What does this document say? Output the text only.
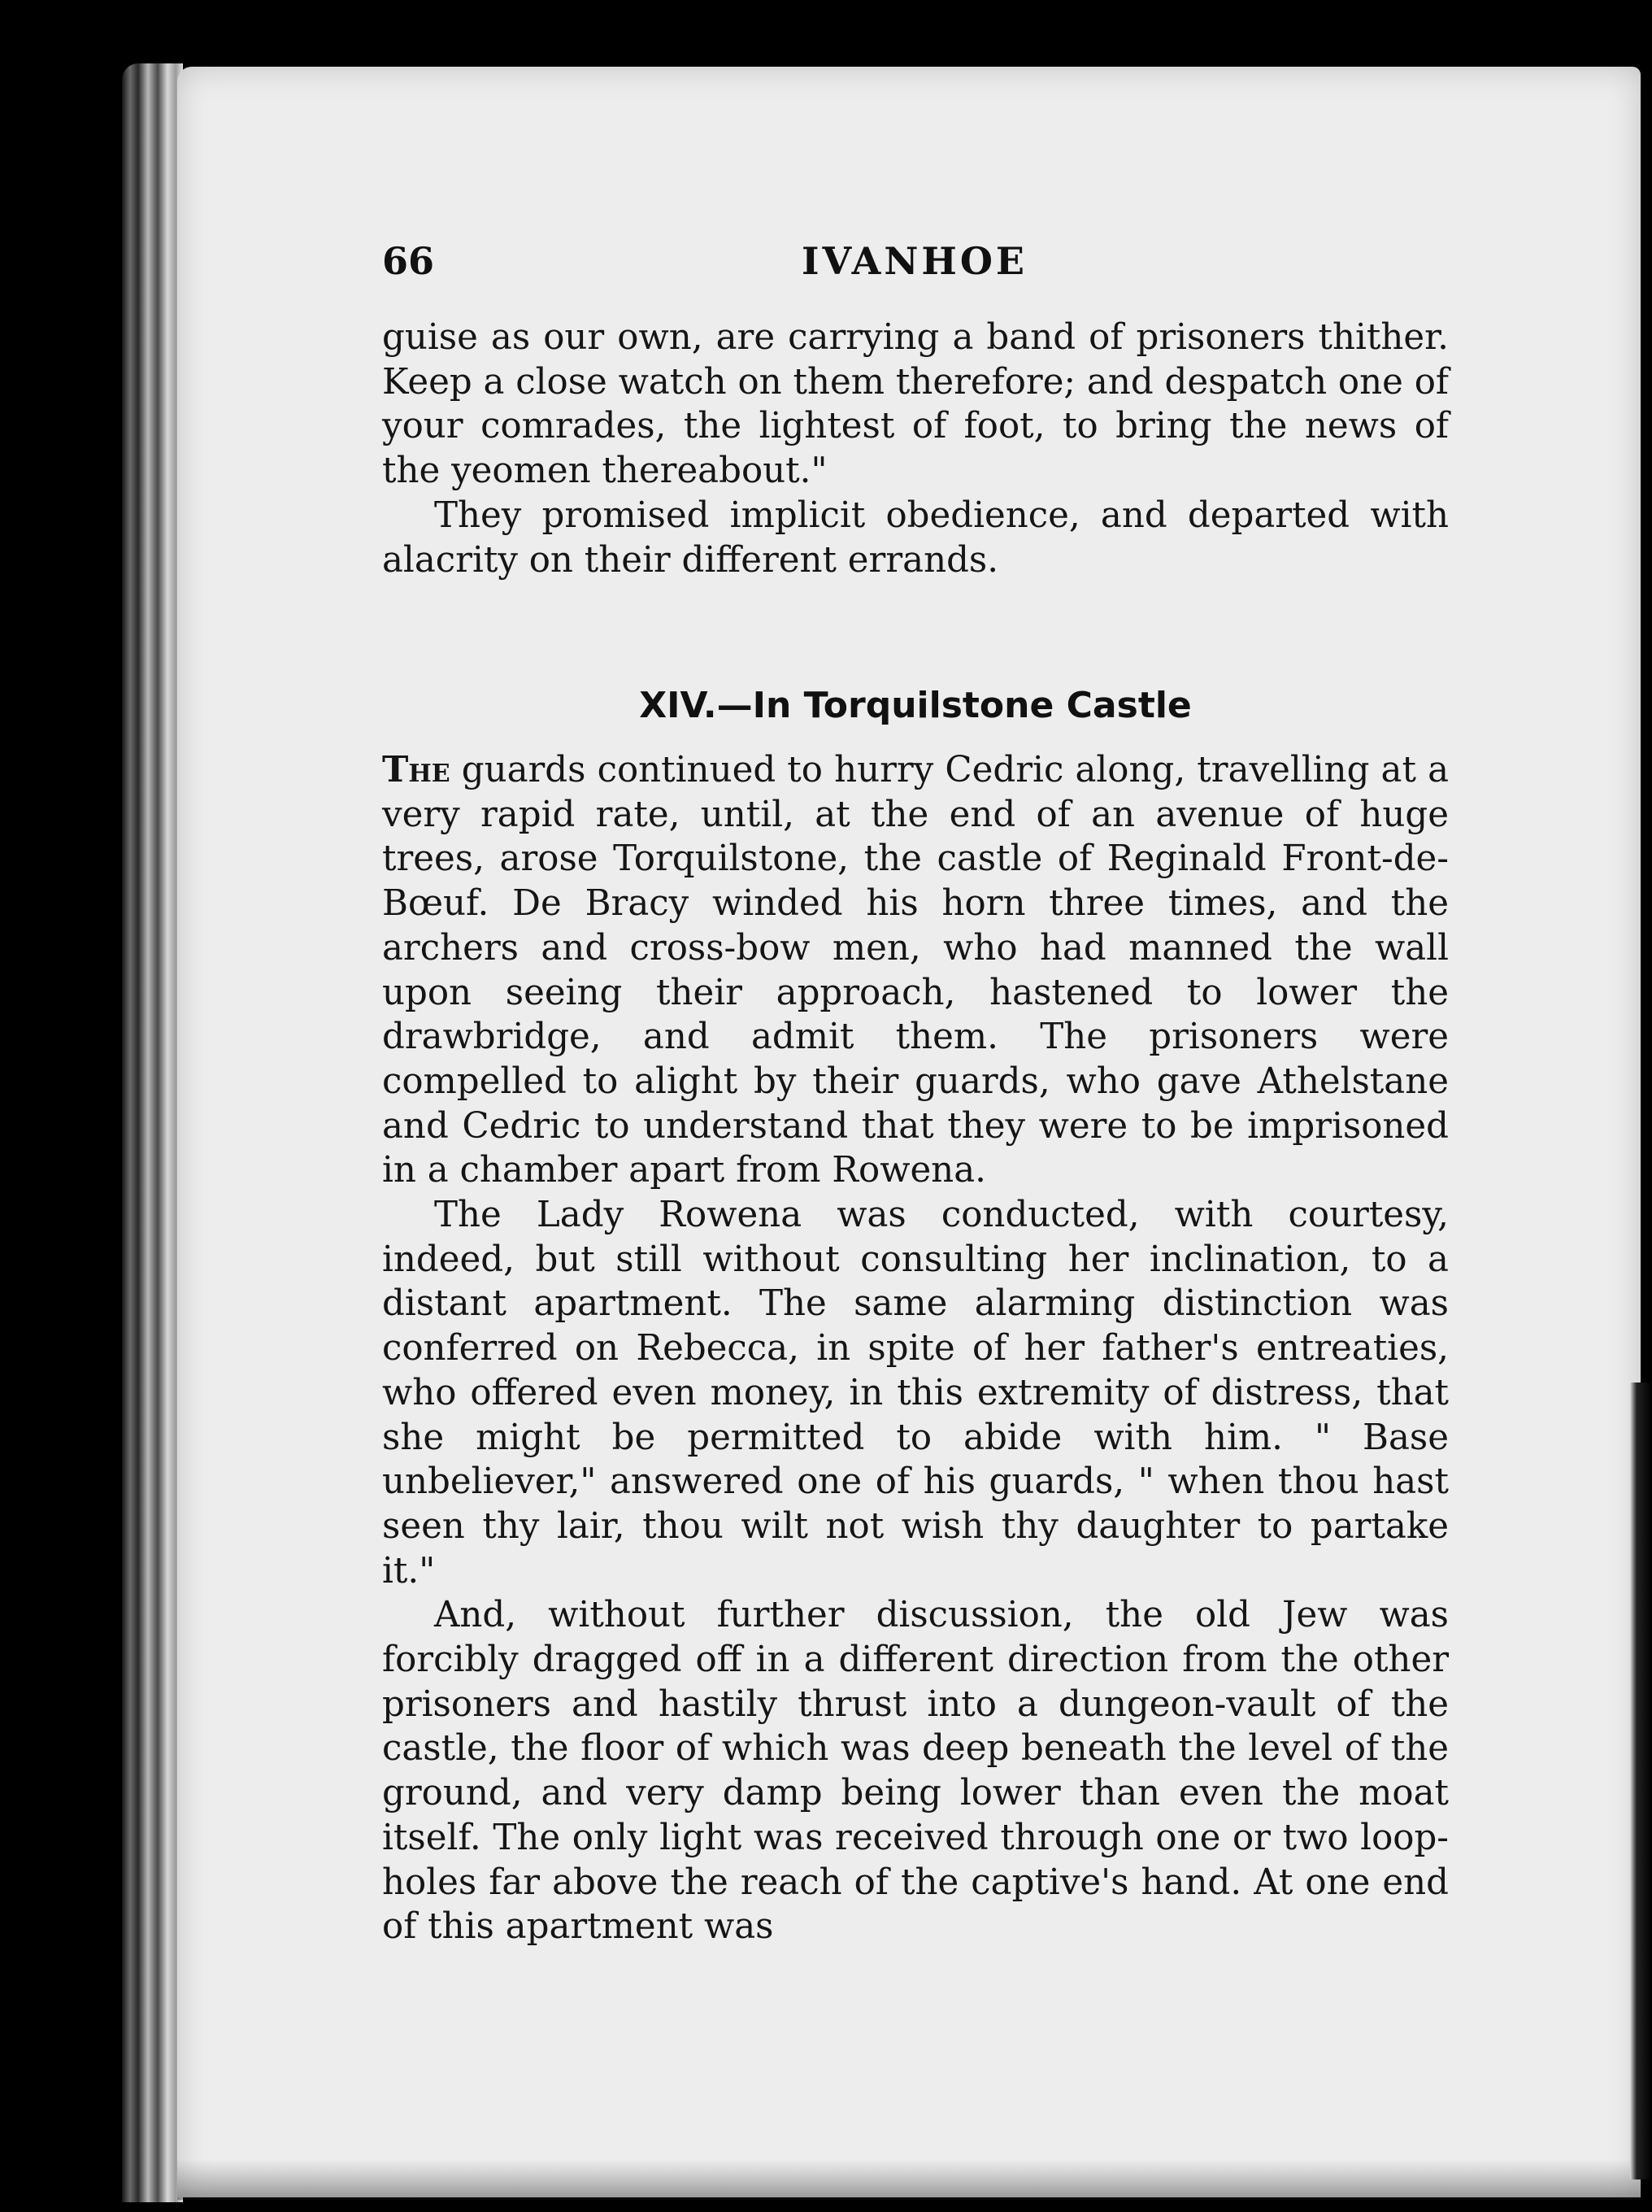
66	IVANHOE

guise as our own, are carrying a band of prisoners thither. Keep a close watch on them therefore; and despatch one of your comrades, the lightest of foot, to bring the news of the yeomen thereabout."

They promised implicit obedience, and departed with alacrity on their different errands.

XIV.—In Torquilstone Castle

The guards continued to hurry Cedric along, travelling at a very rapid rate, until, at the end of an avenue of huge trees, arose Torquilstone, the castle of Reginald Front-de-Bœuf. De Bracy winded his horn three times, and the archers and cross-bow men, who had manned the wall upon seeing their approach, hastened to lower the drawbridge, and admit them. The prisoners were compelled to alight by their guards, who gave Athelstane and Cedric to understand that they were to be imprisoned in a chamber apart from Rowena.

The Lady Rowena was conducted, with courtesy, indeed, but still without consulting her inclination, to a distant apartment. The same alarming distinction was conferred on Rebecca, in spite of her father's entreaties, who offered even money, in this extremity of distress, that she might be permitted to abide with him. " Base unbeliever," answered one of his guards, " when thou hast seen thy lair, thou wilt not wish thy daughter to partake it."

And, without further discussion, the old Jew was forcibly dragged off in a different direction from the other prisoners and hastily thrust into a dungeon-vault of the castle, the floor of which was deep beneath the level of the ground, and very damp being lower than even the moat itself. The only light was received through one or two loop-holes far above the reach of the captive's hand. At one end of this apartment was
